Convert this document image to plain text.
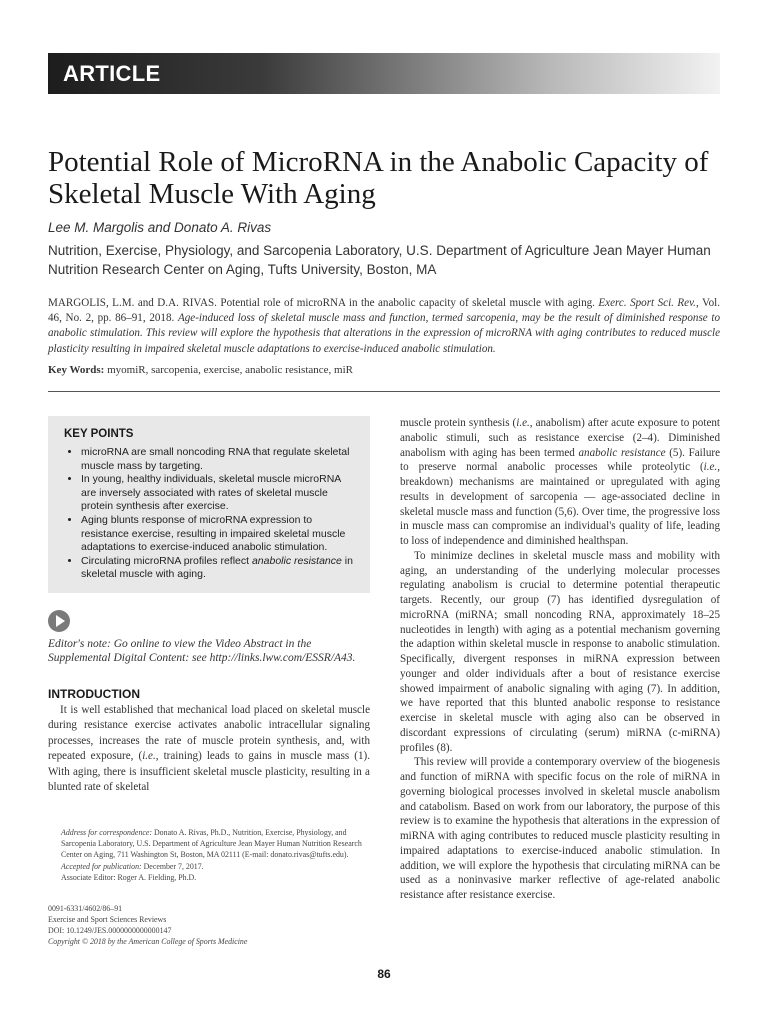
ARTICLE
Potential Role of MicroRNA in the Anabolic Capacity of Skeletal Muscle With Aging
Lee M. Margolis and Donato A. Rivas
Nutrition, Exercise, Physiology, and Sarcopenia Laboratory, U.S. Department of Agriculture Jean Mayer Human Nutrition Research Center on Aging, Tufts University, Boston, MA
MARGOLIS, L.M. and D.A. RIVAS. Potential role of microRNA in the anabolic capacity of skeletal muscle with aging. Exerc. Sport Sci. Rev., Vol. 46, No. 2, pp. 86–91, 2018. Age-induced loss of skeletal muscle mass and function, termed sarcopenia, may be the result of diminished response to anabolic stimulation. This review will explore the hypothesis that alterations in the expression of microRNA with aging contributes to reduced muscle plasticity resulting in impaired skeletal muscle adaptations to exercise-induced anabolic stimulation.
Key Words: myomiR, sarcopenia, exercise, anabolic resistance, miR
KEY POINTS
• microRNA are small noncoding RNA that regulate skeletal muscle mass by targeting.
• In young, healthy individuals, skeletal muscle microRNA are inversely associated with rates of skeletal muscle protein synthesis after exercise.
• Aging blunts response of microRNA expression to resistance exercise, resulting in impaired skeletal muscle adaptations to exercise-induced anabolic stimulation.
• Circulating microRNA profiles reflect anabolic resistance in skeletal muscle with aging.
Editor's note: Go online to view the Video Abstract in the Supplemental Digital Content: see http://links.lww.com/ESSR/A43.
INTRODUCTION

It is well established that mechanical load placed on skeletal muscle during resistance exercise activates anabolic intracellular signaling processes, increases the rate of muscle protein synthesis, and, with repeated exposure, (i.e., training) leads to gains in muscle mass (1). With aging, there is insufficient skeletal muscle plasticity, resulting in a blunted rate of skeletal

Address for correspondence: Donato A. Rivas, Ph.D., Nutrition, Exercise, Physiology, and Sarcopenia Laboratory, U.S. Department of Agriculture Jean Mayer Human Nutrition Research Center on Aging, 711 Washington St, Boston, MA 02111 (E-mail: donato.rivas@tufts.edu).

Accepted for publication: December 7, 2017.

Associate Editor: Roger A. Fielding, Ph.D.

0091-6331/4602/86–91
Exercise and Sport Sciences Reviews
DOI: 10.1249/JES.0000000000000147
Copyright © 2018 by the American College of Sports Medicine

muscle protein synthesis (i.e., anabolism) after acute exposure to potent anabolic stimuli, such as resistance exercise (2–4). Diminished anabolism with aging has been termed anabolic resistance (5). Failure to preserve normal anabolic processes while proteolytic (i.e., breakdown) mechanisms are maintained or upregulated with aging results in development of sarcopenia — age-associated decline in skeletal muscle mass and function (5,6). Over time, the progressive loss in muscle mass can compromise an individual's quality of life, leading to loss of independence and diminished healthspan.

To minimize declines in skeletal muscle mass and mobility with aging, an understanding of the underlying molecular processes regulating anabolism is crucial to determine potential therapeutic targets. Recently, our group (7) has identified dysregulation of microRNA (miRNA; small noncoding RNA, approximately 18–25 nucleotides in length) with aging as a potential mechanism governing the adaption within skeletal muscle in response to anabolic stimulation. Specifically, divergent responses in miRNA expression between younger and older individuals after a bout of resistance exercise showed impairment of anabolic signaling with aging (7). In addition, we have reported that this blunted anabolic response to resistance exercise in skeletal muscle with aging also can be observed in discordant expressions of circulating (serum) miRNA (c-miRNA) profiles (8).

This review will provide a contemporary overview of the biogenesis and function of miRNA with specific focus on the role of miRNA in governing biological processes involved in skeletal muscle anabolism and catabolism. Based on work from our laboratory, the purpose of this review is to examine the hypothesis that alterations in the expression of miRNA with aging contributes to reduced muscle plasticity resulting in impaired adaptations to exercise-induced anabolic stimulation. In addition, we will explore the hypothesis that circulating miRNA can be used as a noninvasive marker reflective of age-related anabolic resistance after resistance exercise.

86
